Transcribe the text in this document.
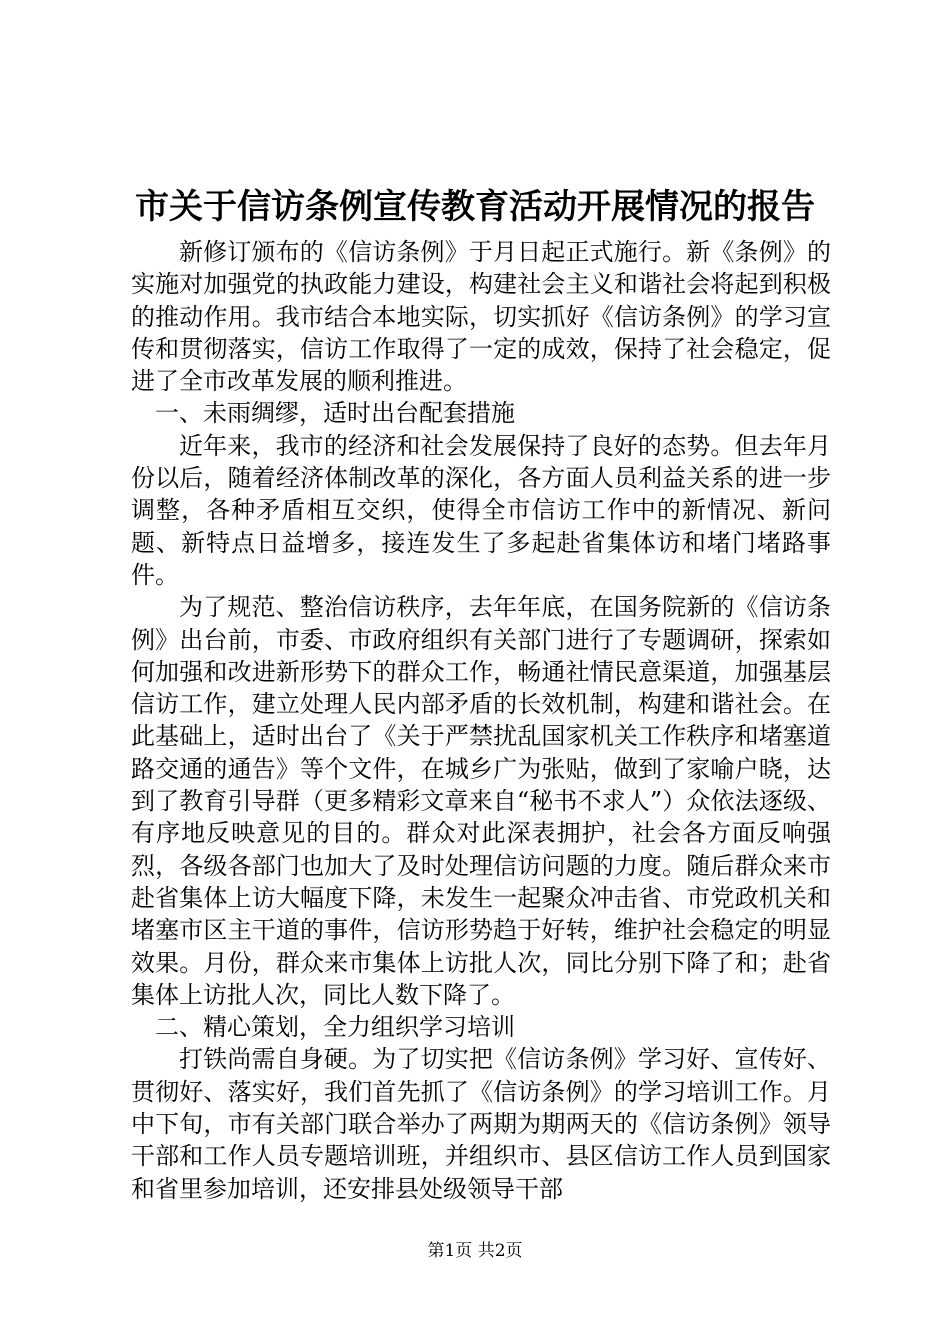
市关于信访条例宣传教育活动开展情况的报告

新修订颁布的《信访条例》于月日起正式施行。新《条例》的实施对加强党的执政能力建设，构建社会主义和谐社会将起到积极的推动作用。我市结合本地实际，切实抓好《信访条例》的学习宣传和贯彻落实，信访工作取得了一定的成效，保持了社会稳定，促进了全市改革发展的顺利推进。

一、未雨绸缪，适时出台配套措施

近年来，我市的经济和社会发展保持了良好的态势。但去年月份以后，随着经济体制改革的深化，各方面人员利益关系的进一步调整，各种矛盾相互交织，使得全市信访工作中的新情况、新问题、新特点日益增多，接连发生了多起赴省集体访和堵门堵路事件。

为了规范、整治信访秩序，去年年底，在国务院新的《信访条例》出台前，市委、市政府组织有关部门进行了专题调研，探索如何加强和改进新形势下的群众工作，畅通社情民意渠道，加强基层信访工作，建立处理人民内部矛盾的长效机制，构建和谐社会。在此基础上，适时出台了《关于严禁扰乱国家机关工作秩序和堵塞道路交通的通告》等个文件，在城乡广为张贴，做到了家喻户晓，达到了教育引导群（更多精彩文章来自“秘书不求人”）众依法逐级、有序地反映意见的目的。群众对此深表拥护，社会各方面反响强烈，各级各部门也加大了及时处理信访问题的力度。随后群众来市赴省集体上访大幅度下降，未发生一起聚众冲击省、市党政机关和堵塞市区主干道的事件，信访形势趋于好转，维护社会稳定的明显效果。月份，群众来市集体上访批人次，同比分别下降了和；赴省集体上访批人次，同比人数下降了。

二、精心策划，全力组织学习培训

打铁尚需自身硬。为了切实把《信访条例》学习好、宣传好、贯彻好、落实好，我们首先抓了《信访条例》的学习培训工作。月中下旬，市有关部门联合举办了两期为期两天的《信访条例》领导干部和工作人员专题培训班，并组织市、县区信访工作人员到国家和省里参加培训，还安排县处级领导干部

第1页 共2页
